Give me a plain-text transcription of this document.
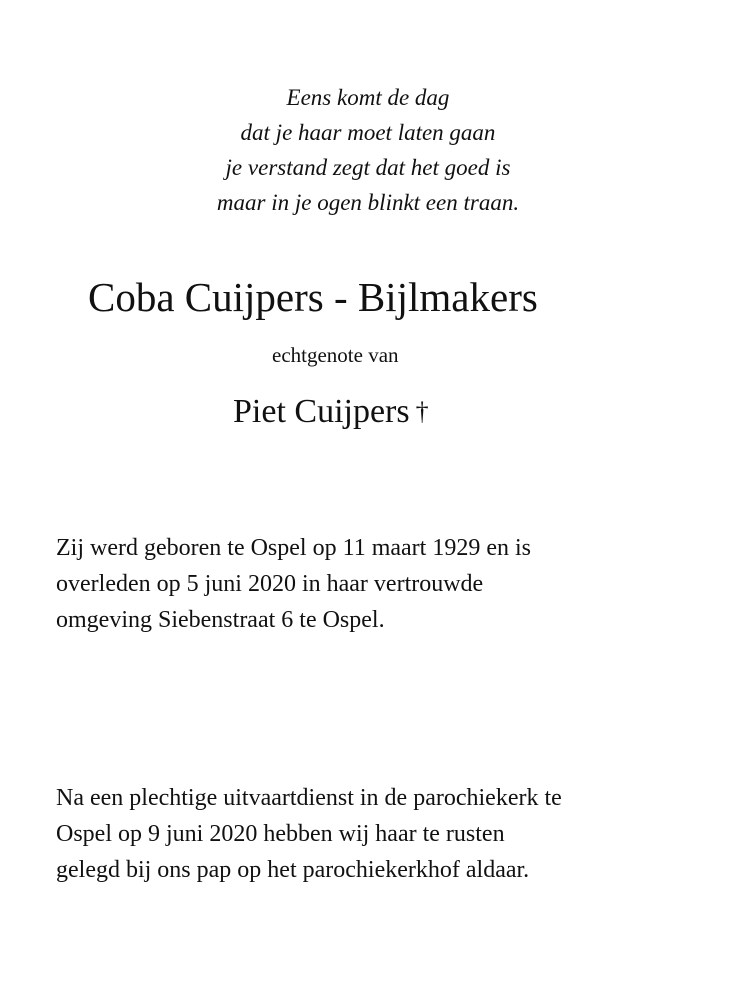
Eens komt de dag
dat je haar moet laten gaan
je verstand zegt dat het goed is
maar in je ogen blinkt een traan.
Coba Cuijpers - Bijlmakers
echtgenote van
Piet Cuijpers †
Zij werd geboren te Ospel op 11 maart 1929 en is
overleden op 5 juni 2020 in haar vertrouwde
omgeving Siebenstraat 6 te Ospel.
Na een plechtige uitvaartdienst in de parochiekerk te
Ospel op 9 juni 2020 hebben wij haar te rusten
gelegd bij ons pap op het parochiekerkhof aldaar.
